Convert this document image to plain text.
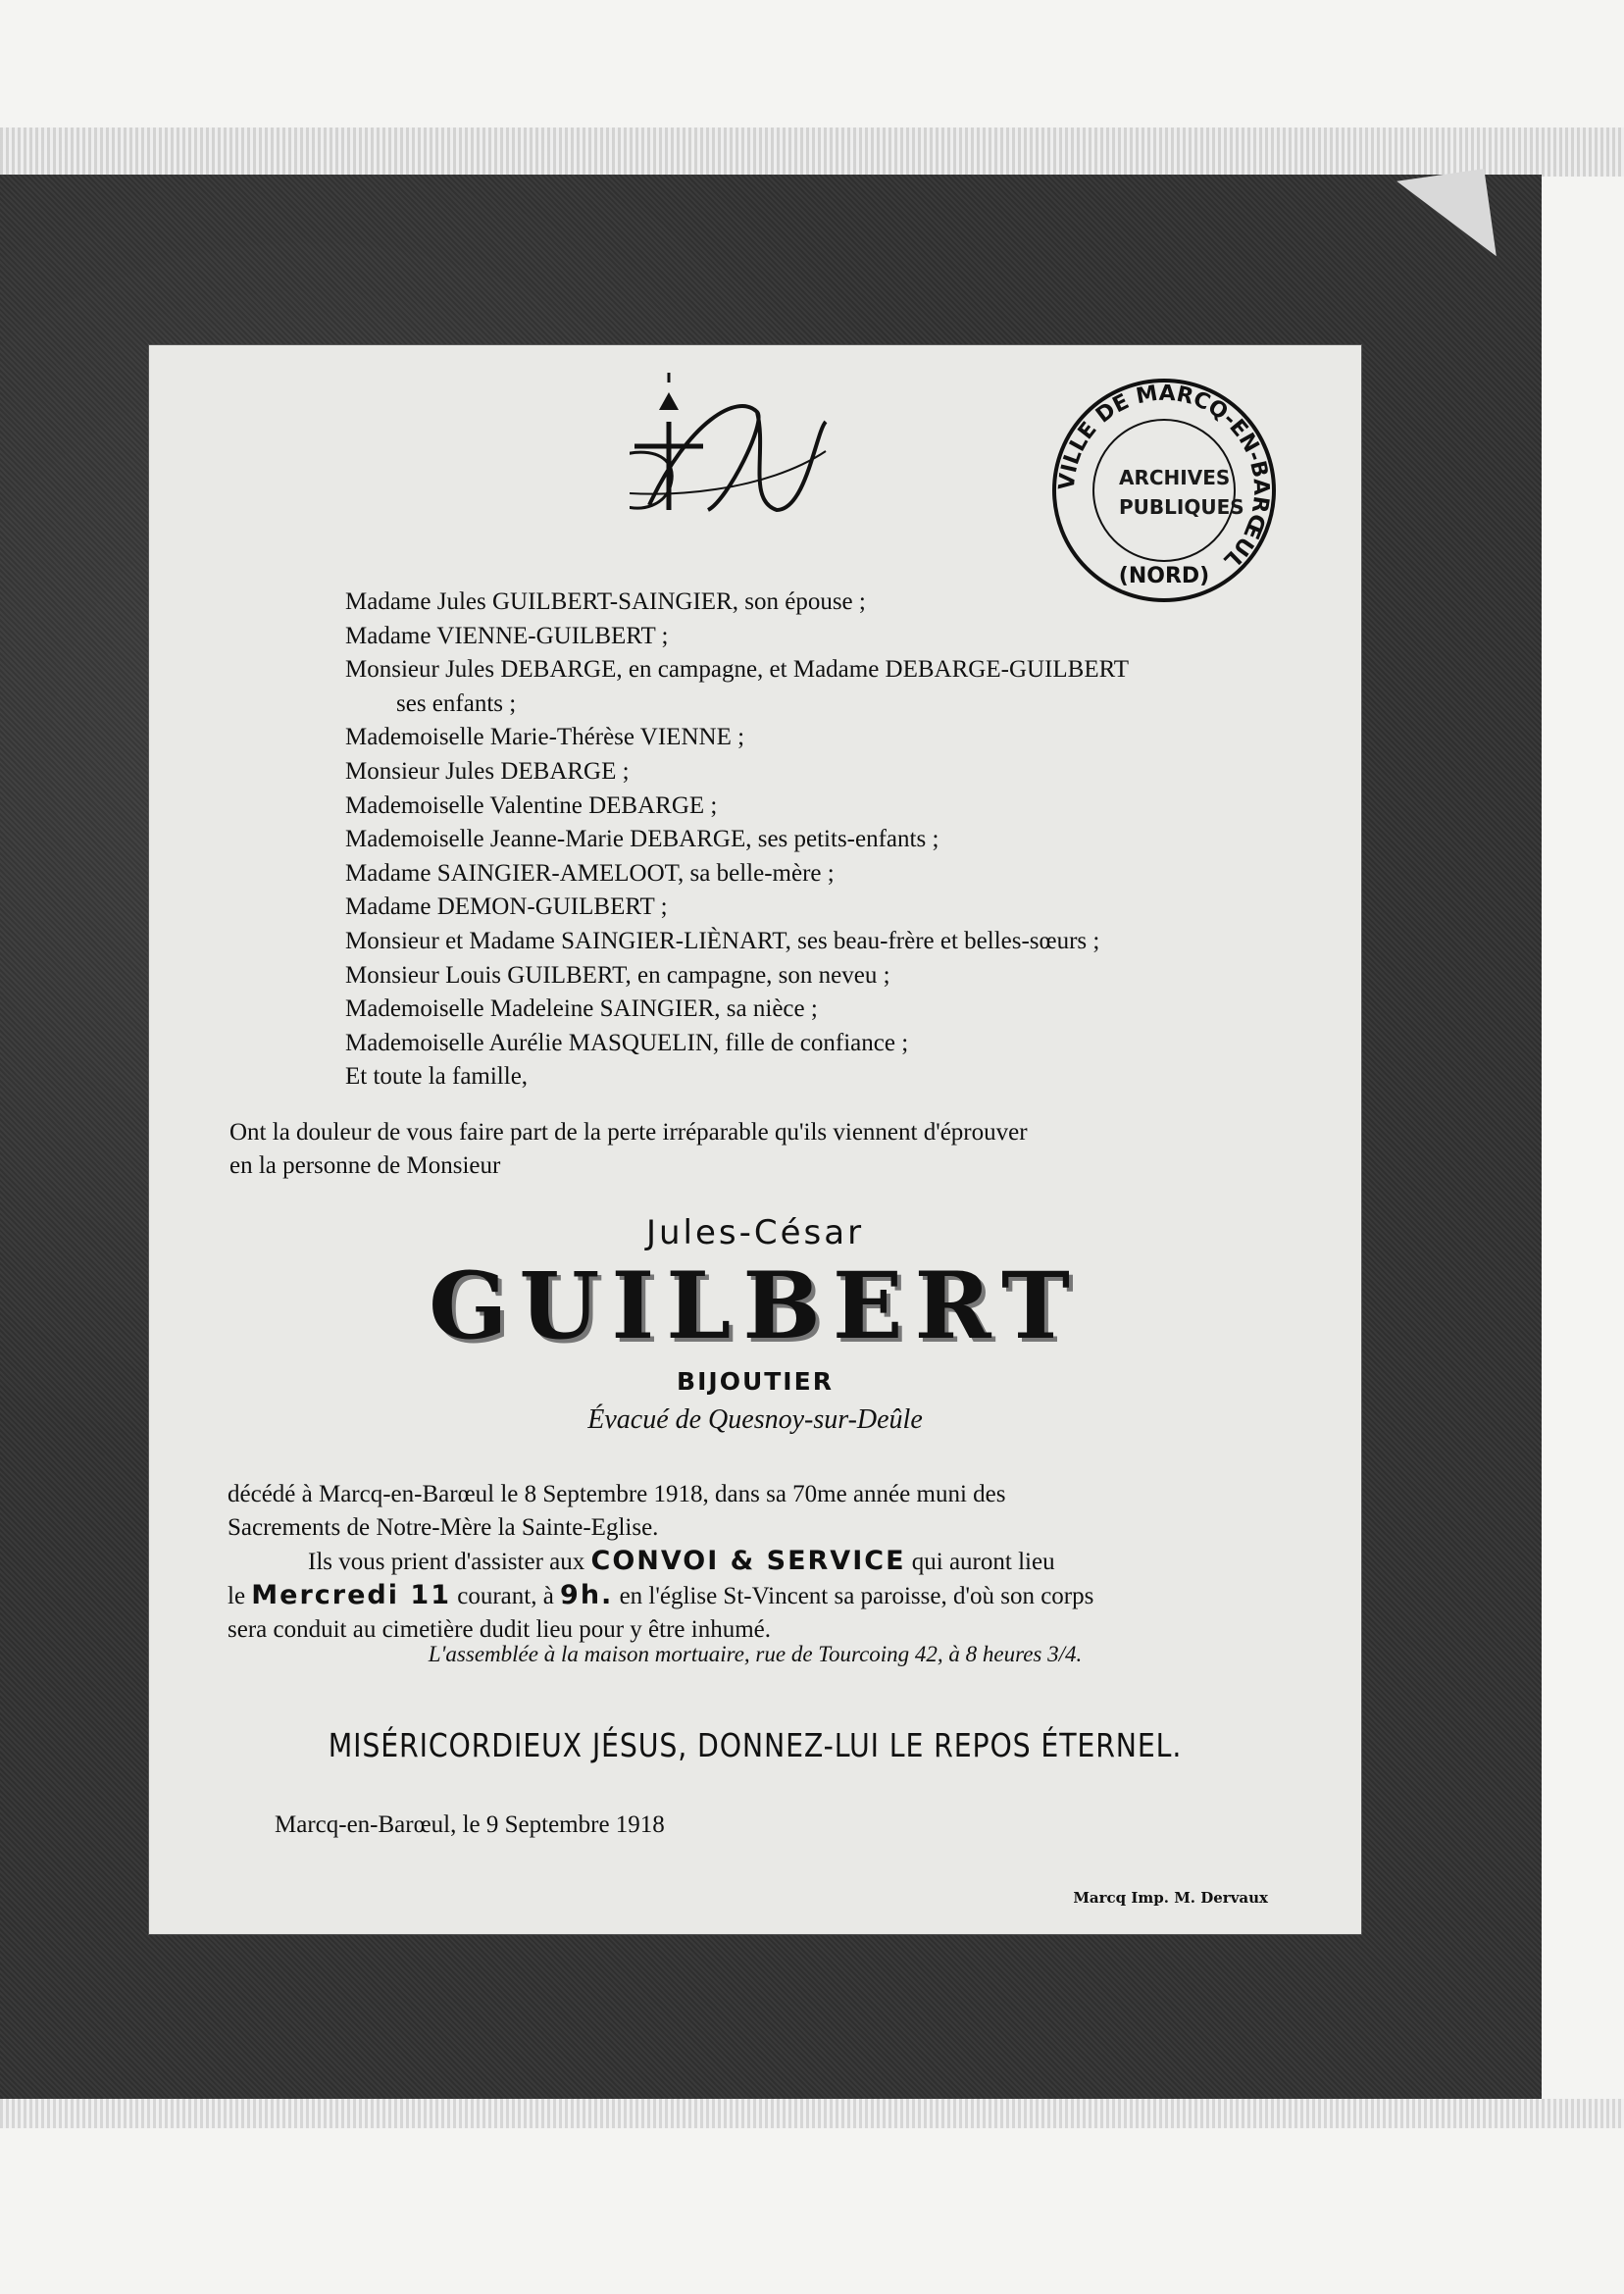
VILLE DE MARCQ-EN-BARŒUL
(NORD)
ARCHIVES
PUBLIQUES
Madame Jules GUILBERT-SAINGIER, son épouse ;
Madame VIENNE-GUILBERT ;
Monsieur Jules DEBARGE, en campagne, et Madame DEBARGE-GUILBERT
ses enfants ;
Mademoiselle Marie-Thérèse VIENNE ;
Monsieur Jules DEBARGE ;
Mademoiselle Valentine DEBARGE ;
Mademoiselle Jeanne-Marie DEBARGE, ses petits-enfants ;
Madame SAINGIER-AMELOOT, sa belle-mère ;
Madame DEMON-GUILBERT ;
Monsieur et Madame SAINGIER-LIÈNART, ses beau-frère et belles-sœurs ;
Monsieur Louis GUILBERT, en campagne, son neveu ;
Mademoiselle Madeleine SAINGIER, sa nièce ;
Mademoiselle Aurélie MASQUELIN, fille de confiance ;
Et toute la famille,
Ont la douleur de vous faire part de la perte irréparable qu'ils viennent d'éprouver
en la personne de Monsieur
Jules-César
GUILBERT
BIJOUTIER
Évacué de Quesnoy-sur-Deûle
décédé à Marcq-en-Barœul le 8 Septembre 1918, dans sa 70me année muni des
Sacrements de Notre-Mère la Sainte-Eglise.
Ils vous prient d'assister aux CONVOI & SERVICE qui auront lieu
le Mercredi 11 courant, à 9h. en l'église St-Vincent sa paroisse, d'où son corps
sera conduit au cimetière dudit lieu pour y être inhumé.
L'assemblée à la maison mortuaire, rue de Tourcoing 42, à 8 heures 3/4.
MISÉRICORDIEUX JÉSUS, DONNEZ-LUI LE REPOS ÉTERNEL.
Marcq-en-Barœul, le 9 Septembre 1918
Marcq Imp. M. Dervaux
